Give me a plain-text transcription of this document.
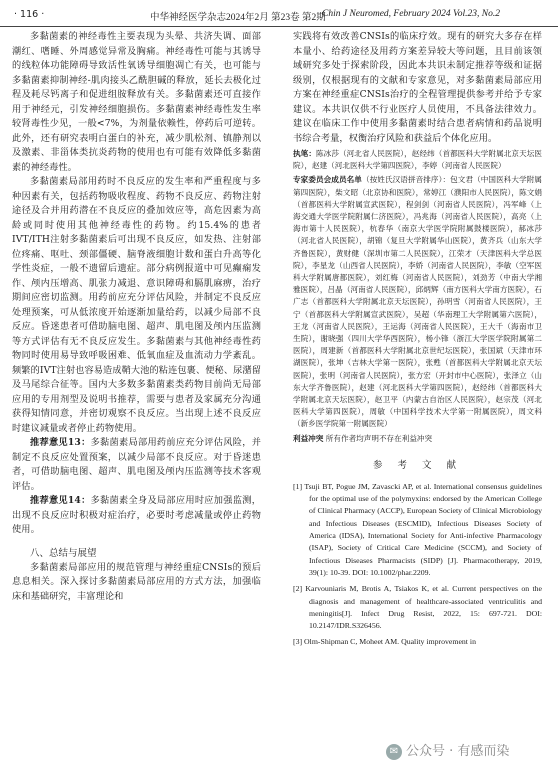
· 116 ·	中华神经医学杂志2024年2月 第23卷 第2期
Chin J Neuromed, February 2024 Vol.23, No.2

多黏菌素的神经毒性主要表现为头晕、共济失调、面部潮红、嗜睡、外周感觉异常及胸痛。神经毒性可能与其诱导的线粒体功能障碍导致活性氧诱导细胞凋亡有关，也可能与多黏菌素抑制神经-肌肉接头乙酰胆碱的释放，延长去极化过程及耗尽钙离子和促进组胺释放有关。多黏菌素还可直接作用于神经元，引发神经细胞损伤。多黏菌素神经毒性发生率较肾毒性少见，一般<7%，为剂量依赖性，停药后可逆转。此外，还有研究表明白蛋白的补充，减少肌松剂、镇静剂以及激素、非甾体类抗炎药物的使用也有可能有效降低多黏菌素的神经毒性。

多黏菌素局部用药时不良反应的发生率和严重程度与多种因素有关，包括药物吸收程度、药物不良反应、药物注射途径及合并用药潜在不良反应的叠加效应等，高危因素为高龄或同时使用其他神经毒性的药物。约15.4%的患者IVT/ITH注射多黏菌素后可出现不良反应，如发热、注射部位疼痛、呕吐、颈部僵硬、脑脊液细胞计数和蛋白升高等化学性炎症，一般不遗留后遗症。部分病例报道中可见癫痫发作、颅内压增高、肌张力减退、意识障碍和膈肌麻痹，治疗期间应密切监测。用药前应充分评估风险，并制定不良反应处理预案，可从低浓度开始逐渐加量给药，以减少局部不良反应。昏迷患者可借助脑电图、超声、肌电图及颅内压监测等方式评估有无不良反应发生。多黏菌素与其他神经毒性药物同时使用易导致呼吸困难、低氧血症及血流动力学紊乱。频繁的IVT注射也容易造成鞘大池的粘连包裹、便秘、尿潴留及马尾综合征等。国内大多数多黏菌素类药物目前尚无局部应用的专用剂型及说明书推荐，需要与患者及家属充分沟通获得知情同意，并密切观察不良反应。当出现上述不良反应时建议减量或者停止药物使用。

推荐意见13：多黏菌素局部用药前应充分评估风险，并制定不良反应处置预案，以减少局部不良反应。对于昏迷患者，可借助脑电图、超声、肌电图及颅内压监测等技术客观评估。

推荐意见14：多黏菌素全身及局部应用时应加强监测，出现不良反应时积极对症治疗，必要时考虑减量或停止药物使用。

八、总结与展望

多黏菌素局部应用的规范管理与神经重症CNSIs的预后息息相关。深入探讨多黏菌素局部应用的方式方法，加强临床和基础研究，丰富理论和

实践将有效改善CNSIs的临床疗效。现有的研究大多存在样本量小、给药途径及用药方案差异较大等问题，且目前该领域研究多处于探索阶段，因此本共识未制定推荐等级和证据级别，仅根据现有的文献和专家意见，对多黏菌素局部应用方案在神经重症CNSIs治疗的全程管理提供参考并给予专家建议。本共识仅供不行业医疗人员使用，不具备法律效力。建议在临床工作中使用多黏菌素时结合患者病情和药品说明书综合考量，权衡治疗风险和获益后个体化应用。

执笔：陈冰莎（河北省人民医院），赵经纬（首都医科大学附属北京天坛医院），赵建（河北医科大学第四医院），李婷（河南省人民医院）

专家委员会成员名单（按姓氏汉语拼音排序）：包文君（中国医科大学附属第四医院），柴文昭（北京协和医院），常婷江（濮阳市人民医院），陈文娟（首都医科大学附属宣武医院），程剑剑（河南省人民医院），冯军峰（上海交通大学医学院附属仁济医院），冯兆海（河南省人民医院），高亮（上海市第十人民医院），杭春华（南京大学医学院附属鼓楼医院），郝冰莎（河北省人民医院），胡锦（复旦大学附属华山医院），黄齐兵（山东大学齐鲁医院），黄财健（深圳市第二人民医院），江荣才（天津医科大学总医院），李星龙（山西省人民医院），李娇（河南省人民医院），李敏（空军医科大学附属唐都医院），刘红梅（河南省人民医院），刘劲芳（中南大学湘雅医院），吕晶（河南省人民医院），邱炳辉（南方医科大学南方医院），石广志（首都医科大学附属北京天坛医院），孙明雪（河南省人民医院），王宁（首都医科大学附属宣武医院），吴超（华南理工大学附属第六医院），王龙（河南省人民医院），王运海（河南省人民医院），王大千（海南市卫生院），谢晓强（四川大学华西医院），杨小锋（浙江大学医学院附属第二医院），周建新（首都医科大学附属北京世纪坛医院），张国斌（天津市环湖医院），张坤（吉林大学第一医院），张甦（首都医科大学附属北京天坛医院），张明（河南省人民医院），张方宏（开封市中心医院），张泽立（山东大学齐鲁医院），赵建（河北医科大学第四医院），赵经纬（首都医科大学附属北京天坛医院），赵卫平（内蒙古自治区人民医院），赵宗茂（河北医科大学第四医院），周敏（中国科学技术大学第一附属医院），周文科（新乡医学院第一附属医院）

利益冲突 所有作者均声明不存在利益冲突

参 考 文 献

[1] Tsuji BT, Pogue JM, Zavascki AP, et al. International consensus guidelines for the optimal use of the polymyxins: endorsed by the American College of Clinical Pharmacy (ACCP), European Society of Clinical Microbiology and Infectious Diseases (ESCMID), Infectious Diseases Society of America (IDSA), International Society for Anti-infective Pharmacology (ISAP), Society of Critical Care Medicine (SCCM), and Society of Infectious Diseases Pharmacists (SIDP) [J]. Pharmacotherapy, 2019, 39(1): 10-39. DOI: 10.1002/phar.2209.

[2] Karvouniaris M, Brotis A, Tsiakos K, et al. Current perspectives on the diagnosis and management of healthcare-associated ventriculitis and meningitis[J]. Infect Drug Resist, 2022, 15: 697-721. DOI: 10.2147/IDR.S326456.

[3] Olm-Shipman C, Moheet AM. Quality improvement in

✉ 公众号 · 有感而染
